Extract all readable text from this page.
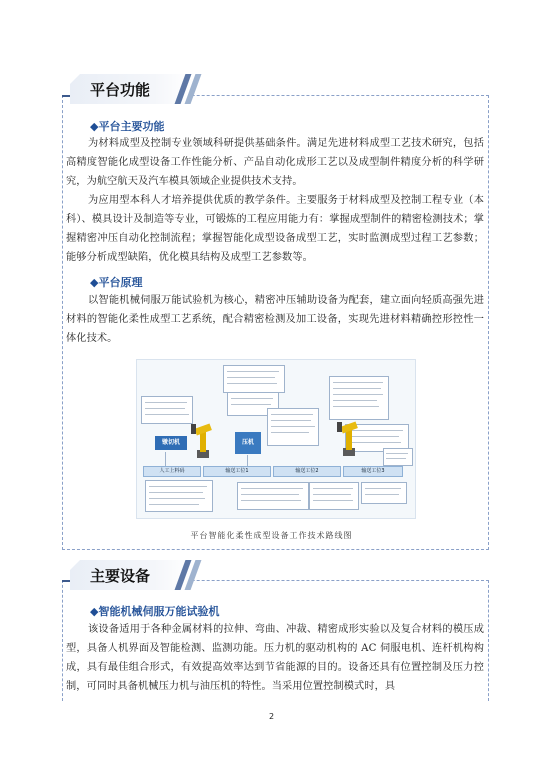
平台功能
◆平台主要功能
为材料成型及控制专业领域科研提供基础条件。满足先进材料成型工艺技术研究，包括高精度智能化成型设备工作性能分析、产品自动化成形工艺以及成型制件精度分析的科学研究，为航空航天及汽车模具领域企业提供技术支持。
为应用型本科人才培养提供优质的教学条件。主要服务于材料成型及控制工程专业（本科）、模具设计及制造等专业，可锻炼的工程应用能力有：掌握成型制件的精密检测技术；掌握精密冲压自动化控制流程；掌握智能化成型设备成型工艺，实时监测成型过程工艺参数；能够分析成型缺陷，优化模具结构及成型工艺参数等。
◆平台原理
以智能机械伺服万能试验机为核心，精密冲压辅助设备为配套，建立面向轻质高强先进材料的智能化柔性成型工艺系统，配合精密检测及加工设备，实现先进材料精确控形控性一体化技术。
镦切机	压机
人工上料码	输送工位1	输送工位2	输送工位3
平台智能化柔性成型设备工作技术路线图
主要设备
◆智能机械伺服万能试验机
该设备适用于各种金属材料的拉伸、弯曲、冲裁、精密成形实验以及复合材料的模压成型，具备人机界面及智能检测、监测功能。压力机的驱动机构的 AC 伺服电机、连杆机构构成，具有最佳组合形式，有效提高效率达到节省能源的目的。设备还具有位置控制及压力控制，可同时具备机械压力机与油压机的特性。当采用位置控制模式时，具
2
